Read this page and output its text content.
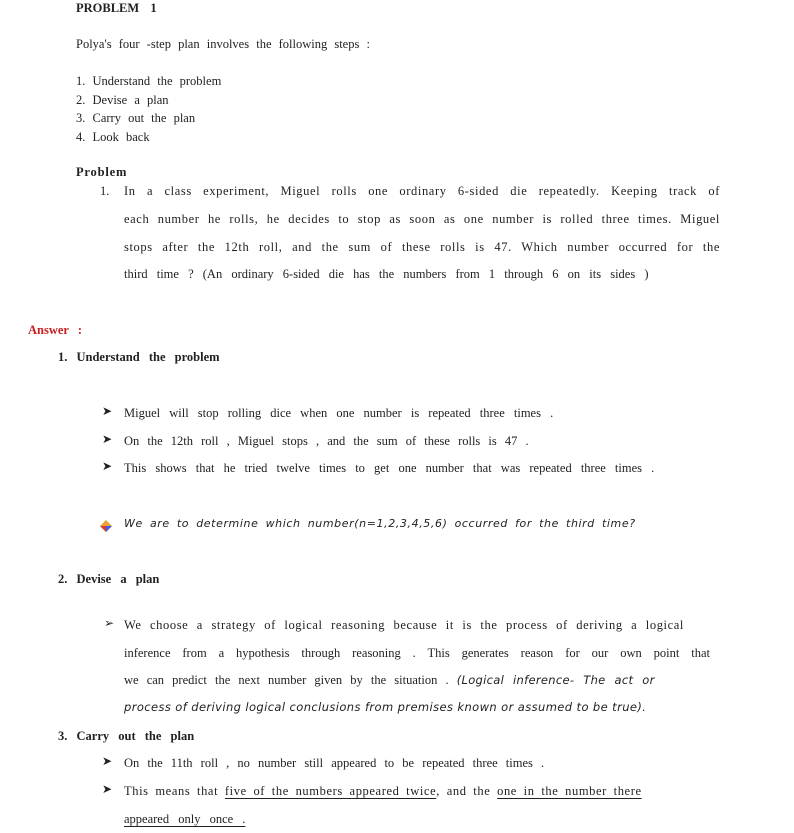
PROBLEM 1
Polya's four -step plan involves the following steps :
1. Understand the problem
2. Devise a plan
3. Carry out the plan
4. Look back
Problem
1. In a class experiment, Miguel rolls one ordinary 6-sided die repeatedly. Keeping track of
each number he rolls, he decides to stop as soon as one number is rolled three times. Miguel
stops after the 12th roll, and the sum of these rolls is 47. Which number occurred for the
third time ? (An ordinary 6-sided die has the numbers from 1 through 6 on its sides )
Answer :
1. Understand the problem
➤ Miguel will stop rolling dice when one number is repeated three times .
➤ On the 12th roll , Miguel stops , and the sum of these rolls is 47 .
➤ This shows that he tried twelve times to get one number that was repeated three times .
We are to determine which number(n=1,2,3,4,5,6) occurred for the third time?
2. Devise a plan
➢ We choose a strategy of logical reasoning because it is the process of deriving a logical
inference from a hypothesis through reasoning . This generates reason for our own point that
we can predict the next number given by the situation . (Logical inference- The act or
process of deriving logical conclusions from premises known or assumed to be true).
3. Carry out the plan
➤ On the 11th roll , no number still appeared to be repeated three times .
➤ This means that five of the numbers appeared twice, and the one in the number there
appeared only once .
